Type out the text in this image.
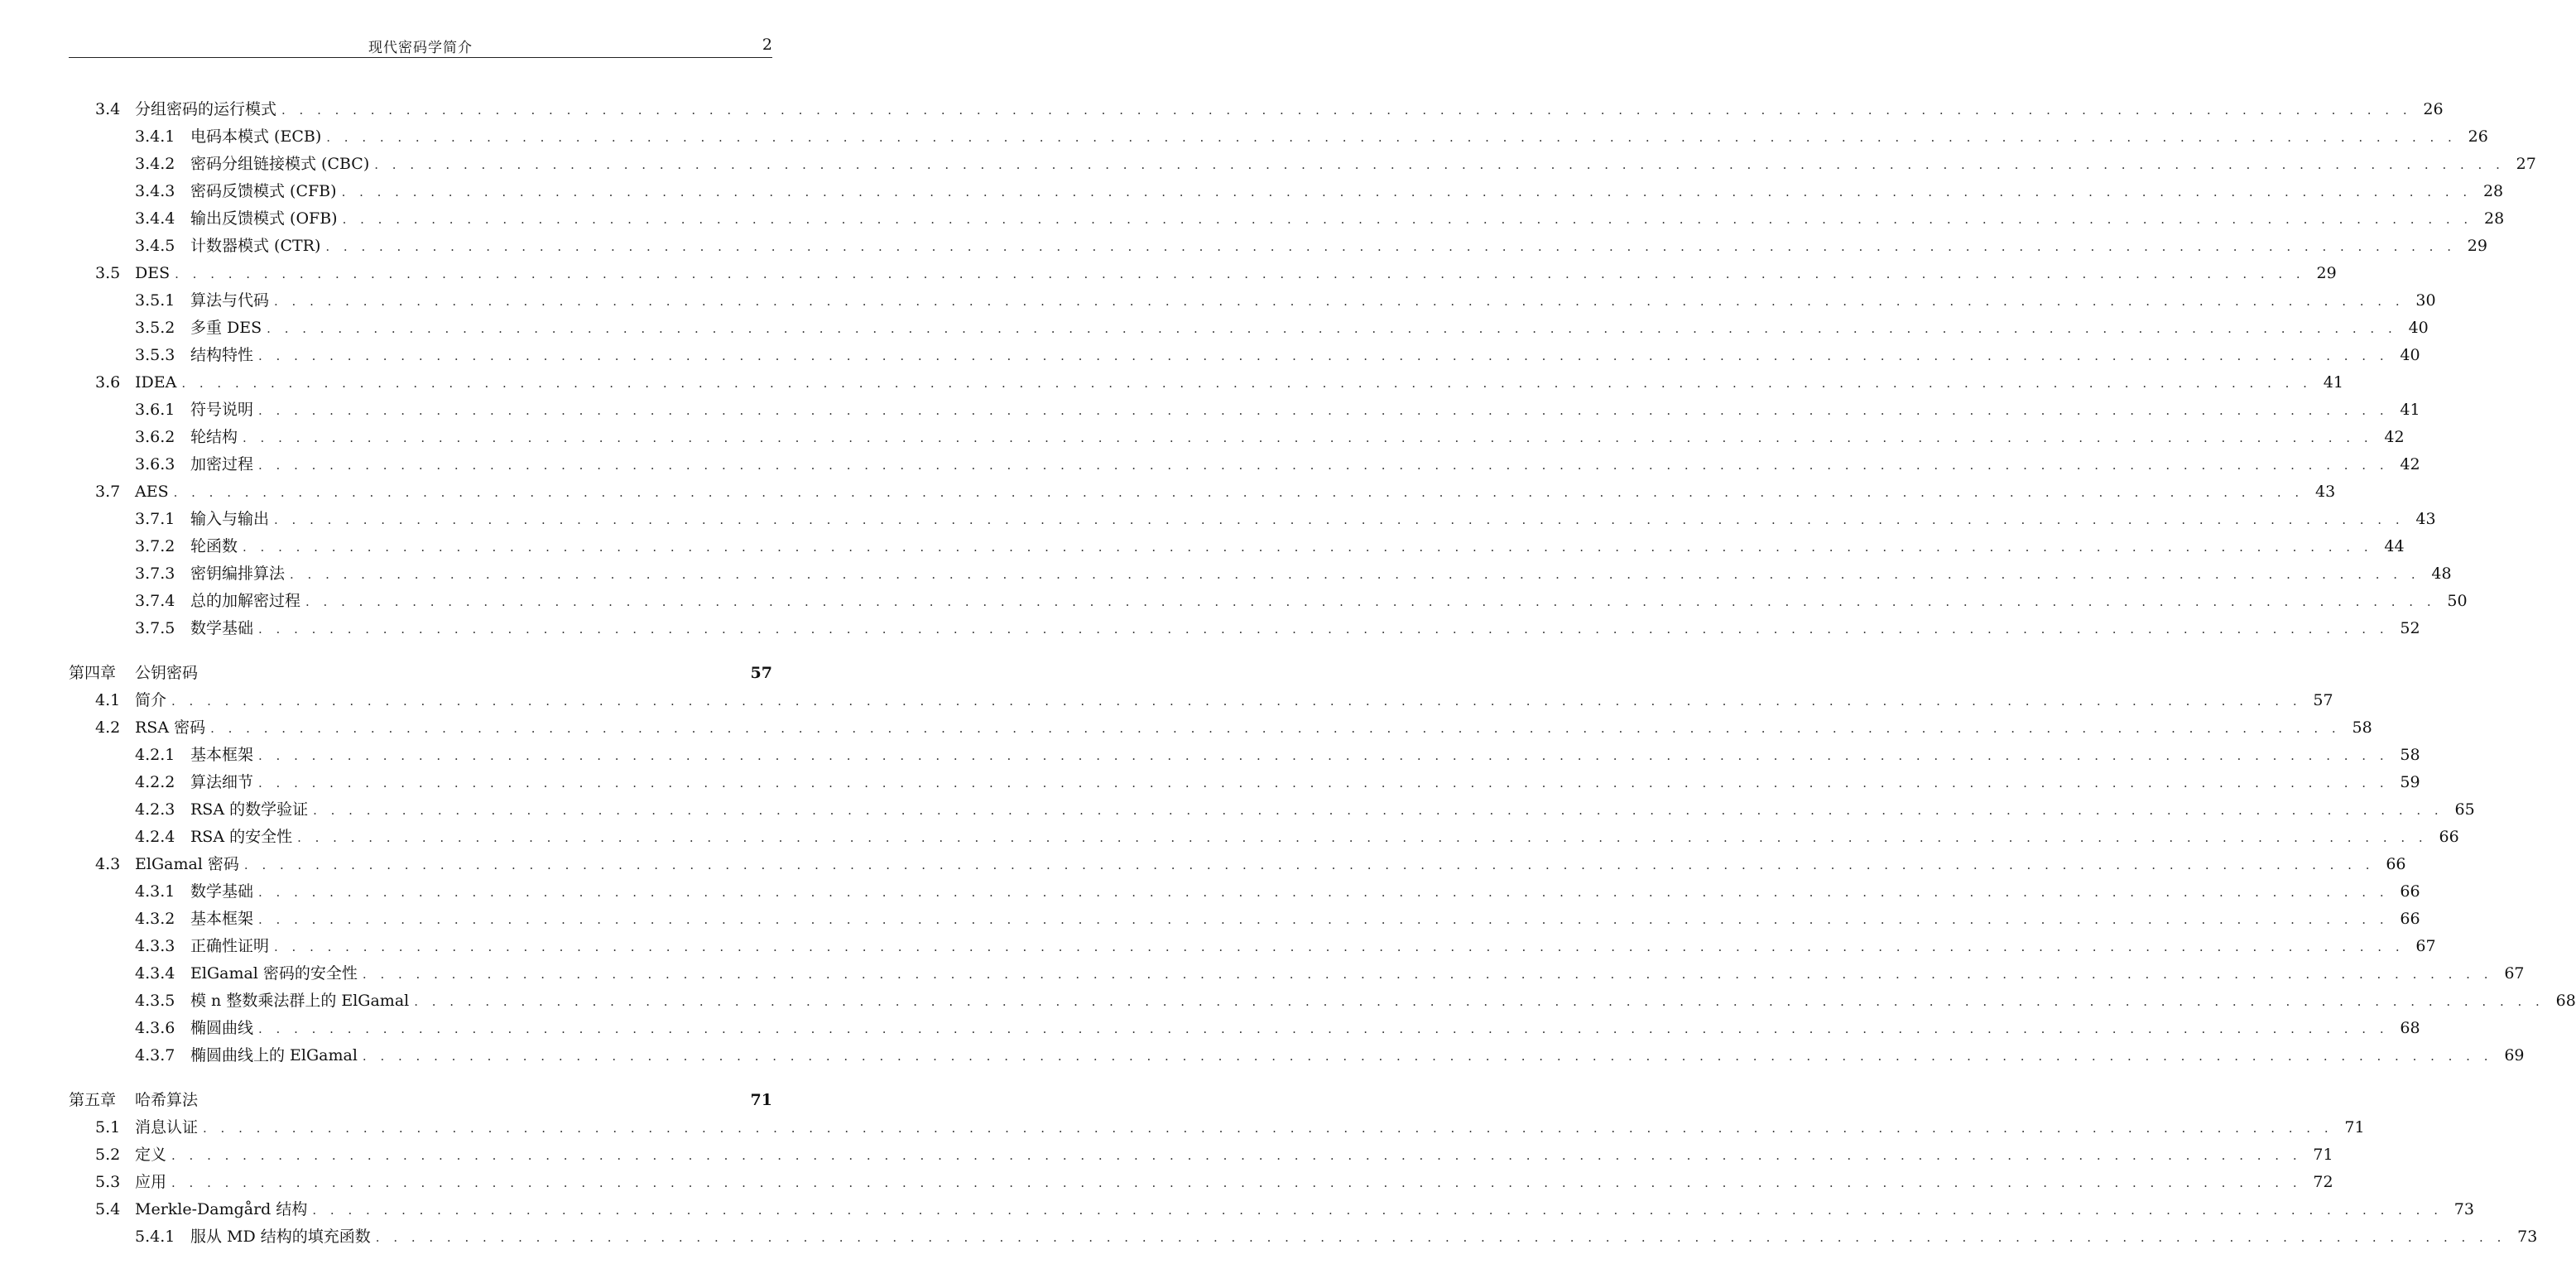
现代密码学简介	2
3.4 分组密码的运行模式 . . . . . . . . . . . . . . . . . . . . . . . . . . . . . . . . . . . . . . . . . . . . . . . . . . . . . . . . . . . . . . . . . . . . . . . . . . . . . . . . . . . . . . . . . . . . . . . . . . . . . . . . . . . . . . . . . . . . . . . . 26
3.4.1 电码本模式 (ECB) . . . . . . . . . . . . . . . . . . . . . . . . . . . . . . . . . . . . . . . . . . . . . . . . . . . . . . . . . . . . . . . . . . . . . . . . . . . . . . . . . . . . . . . . . . . . . . . . . . . . . . . . . . . . . . . . . . . . . . . . 26
3.4.2 密码分组链接模式 (CBC) . . . . . . . . . . . . . . . . . . . . . . . . . . . . . . . . . . . . . . . . . . . . . . . . . . . . . . . . . . . . . . . . . . . . . . . . . . . . . . . . . . . . . . . . . . . . . . . . . . . . . . . . . . . . . . . . . . . . . . . . 27
3.4.3 密码反馈模式 (CFB) . . . . . . . . . . . . . . . . . . . . . . . . . . . . . . . . . . . . . . . . . . . . . . . . . . . . . . . . . . . . . . . . . . . . . . . . . . . . . . . . . . . . . . . . . . . . . . . . . . . . . . . . . . . . . . . . . . . . . . . . 28
3.4.4 输出反馈模式 (OFB) . . . . . . . . . . . . . . . . . . . . . . . . . . . . . . . . . . . . . . . . . . . . . . . . . . . . . . . . . . . . . . . . . . . . . . . . . . . . . . . . . . . . . . . . . . . . . . . . . . . . . . . . . . . . . . . . . . . . . . . . 28
3.4.5 计数器模式 (CTR) . . . . . . . . . . . . . . . . . . . . . . . . . . . . . . . . . . . . . . . . . . . . . . . . . . . . . . . . . . . . . . . . . . . . . . . . . . . . . . . . . . . . . . . . . . . . . . . . . . . . . . . . . . . . . . . . . . . . . . . . 29
3.5 DES . . . . . . . . . . . . . . . . . . . . . . . . . . . . . . . . . . . . . . . . . . . . . . . . . . . . . . . . . . . . . . . . . . . . . . . . . . . . . . . . . . . . . . . . . . . . . . . . . . . . . . . . . . . . . . . . . . . . . . . . 29
3.5.1 算法与代码 . . . . . . . . . . . . . . . . . . . . . . . . . . . . . . . . . . . . . . . . . . . . . . . . . . . . . . . . . . . . . . . . . . . . . . . . . . . . . . . . . . . . . . . . . . . . . . . . . . . . . . . . . . . . . . . . . . . . . . . . 30
3.5.2 多重 DES . . . . . . . . . . . . . . . . . . . . . . . . . . . . . . . . . . . . . . . . . . . . . . . . . . . . . . . . . . . . . . . . . . . . . . . . . . . . . . . . . . . . . . . . . . . . . . . . . . . . . . . . . . . . . . . . . . . . . . . . 40
3.5.3 结构特性 . . . . . . . . . . . . . . . . . . . . . . . . . . . . . . . . . . . . . . . . . . . . . . . . . . . . . . . . . . . . . . . . . . . . . . . . . . . . . . . . . . . . . . . . . . . . . . . . . . . . . . . . . . . . . . . . . . . . . . . . 40
3.6 IDEA . . . . . . . . . . . . . . . . . . . . . . . . . . . . . . . . . . . . . . . . . . . . . . . . . . . . . . . . . . . . . . . . . . . . . . . . . . . . . . . . . . . . . . . . . . . . . . . . . . . . . . . . . . . . . . . . . . . . . . . . 41
3.6.1 符号说明 . . . . . . . . . . . . . . . . . . . . . . . . . . . . . . . . . . . . . . . . . . . . . . . . . . . . . . . . . . . . . . . . . . . . . . . . . . . . . . . . . . . . . . . . . . . . . . . . . . . . . . . . . . . . . . . . . . . . . . . . 41
3.6.2 轮结构 . . . . . . . . . . . . . . . . . . . . . . . . . . . . . . . . . . . . . . . . . . . . . . . . . . . . . . . . . . . . . . . . . . . . . . . . . . . . . . . . . . . . . . . . . . . . . . . . . . . . . . . . . . . . . . . . . . . . . . . . 42
3.6.3 加密过程 . . . . . . . . . . . . . . . . . . . . . . . . . . . . . . . . . . . . . . . . . . . . . . . . . . . . . . . . . . . . . . . . . . . . . . . . . . . . . . . . . . . . . . . . . . . . . . . . . . . . . . . . . . . . . . . . . . . . . . . . 42
3.7 AES . . . . . . . . . . . . . . . . . . . . . . . . . . . . . . . . . . . . . . . . . . . . . . . . . . . . . . . . . . . . . . . . . . . . . . . . . . . . . . . . . . . . . . . . . . . . . . . . . . . . . . . . . . . . . . . . . . . . . . . . 43
3.7.1 输入与输出 . . . . . . . . . . . . . . . . . . . . . . . . . . . . . . . . . . . . . . . . . . . . . . . . . . . . . . . . . . . . . . . . . . . . . . . . . . . . . . . . . . . . . . . . . . . . . . . . . . . . . . . . . . . . . . . . . . . . . . . . 43
3.7.2 轮函数 . . . . . . . . . . . . . . . . . . . . . . . . . . . . . . . . . . . . . . . . . . . . . . . . . . . . . . . . . . . . . . . . . . . . . . . . . . . . . . . . . . . . . . . . . . . . . . . . . . . . . . . . . . . . . . . . . . . . . . . . 44
3.7.3 密钥编排算法 . . . . . . . . . . . . . . . . . . . . . . . . . . . . . . . . . . . . . . . . . . . . . . . . . . . . . . . . . . . . . . . . . . . . . . . . . . . . . . . . . . . . . . . . . . . . . . . . . . . . . . . . . . . . . . . . . . . . . . . . 48
3.7.4 总的加解密过程 . . . . . . . . . . . . . . . . . . . . . . . . . . . . . . . . . . . . . . . . . . . . . . . . . . . . . . . . . . . . . . . . . . . . . . . . . . . . . . . . . . . . . . . . . . . . . . . . . . . . . . . . . . . . . . . . . . . . . . . . 50
3.7.5 数学基础 . . . . . . . . . . . . . . . . . . . . . . . . . . . . . . . . . . . . . . . . . . . . . . . . . . . . . . . . . . . . . . . . . . . . . . . . . . . . . . . . . . . . . . . . . . . . . . . . . . . . . . . . . . . . . . . . . . . . . . . . 52
第四章	公钥密码	57
4.1 简介 . . . . . . . . . . . . . . . . . . . . . . . . . . . . . . . . . . . . . . . . . . . . . . . . . . . . . . . . . . . . . . . . . . . . . . . . . . . . . . . . . . . . . . . . . . . . . . . . . . . . . . . . . . . . . . . . . . . . . . . . 57
4.2 RSA 密码 . . . . . . . . . . . . . . . . . . . . . . . . . . . . . . . . . . . . . . . . . . . . . . . . . . . . . . . . . . . . . . . . . . . . . . . . . . . . . . . . . . . . . . . . . . . . . . . . . . . . . . . . . . . . . . . . . . . . . . . . 58
4.2.1 基本框架 . . . . . . . . . . . . . . . . . . . . . . . . . . . . . . . . . . . . . . . . . . . . . . . . . . . . . . . . . . . . . . . . . . . . . . . . . . . . . . . . . . . . . . . . . . . . . . . . . . . . . . . . . . . . . . . . . . . . . . . . 58
4.2.2 算法细节 . . . . . . . . . . . . . . . . . . . . . . . . . . . . . . . . . . . . . . . . . . . . . . . . . . . . . . . . . . . . . . . . . . . . . . . . . . . . . . . . . . . . . . . . . . . . . . . . . . . . . . . . . . . . . . . . . . . . . . . . 59
4.2.3 RSA 的数学验证 . . . . . . . . . . . . . . . . . . . . . . . . . . . . . . . . . . . . . . . . . . . . . . . . . . . . . . . . . . . . . . . . . . . . . . . . . . . . . . . . . . . . . . . . . . . . . . . . . . . . . . . . . . . . . . . . . . . . . . . . 65
4.2.4 RSA 的安全性 . . . . . . . . . . . . . . . . . . . . . . . . . . . . . . . . . . . . . . . . . . . . . . . . . . . . . . . . . . . . . . . . . . . . . . . . . . . . . . . . . . . . . . . . . . . . . . . . . . . . . . . . . . . . . . . . . . . . . . . . 66
4.3 ElGamal 密码 . . . . . . . . . . . . . . . . . . . . . . . . . . . . . . . . . . . . . . . . . . . . . . . . . . . . . . . . . . . . . . . . . . . . . . . . . . . . . . . . . . . . . . . . . . . . . . . . . . . . . . . . . . . . . . . . . . . . . . . . 66
4.3.1 数学基础 . . . . . . . . . . . . . . . . . . . . . . . . . . . . . . . . . . . . . . . . . . . . . . . . . . . . . . . . . . . . . . . . . . . . . . . . . . . . . . . . . . . . . . . . . . . . . . . . . . . . . . . . . . . . . . . . . . . . . . . . 66
4.3.2 基本框架 . . . . . . . . . . . . . . . . . . . . . . . . . . . . . . . . . . . . . . . . . . . . . . . . . . . . . . . . . . . . . . . . . . . . . . . . . . . . . . . . . . . . . . . . . . . . . . . . . . . . . . . . . . . . . . . . . . . . . . . . 66
4.3.3 正确性证明 . . . . . . . . . . . . . . . . . . . . . . . . . . . . . . . . . . . . . . . . . . . . . . . . . . . . . . . . . . . . . . . . . . . . . . . . . . . . . . . . . . . . . . . . . . . . . . . . . . . . . . . . . . . . . . . . . . . . . . . . 67
4.3.4 ElGamal 密码的安全性 . . . . . . . . . . . . . . . . . . . . . . . . . . . . . . . . . . . . . . . . . . . . . . . . . . . . . . . . . . . . . . . . . . . . . . . . . . . . . . . . . . . . . . . . . . . . . . . . . . . . . . . . . . . . . . . . . . . . . . . . 67
4.3.5 模 n 整数乘法群上的 ElGamal . . . . . . . . . . . . . . . . . . . . . . . . . . . . . . . . . . . . . . . . . . . . . . . . . . . . . . . . . . . . . . . . . . . . . . . . . . . . . . . . . . . . . . . . . . . . . . . . . . . . . . . . . . . . . . . . . . . . . . . . 68
4.3.6 椭圆曲线 . . . . . . . . . . . . . . . . . . . . . . . . . . . . . . . . . . . . . . . . . . . . . . . . . . . . . . . . . . . . . . . . . . . . . . . . . . . . . . . . . . . . . . . . . . . . . . . . . . . . . . . . . . . . . . . . . . . . . . . . 68
4.3.7 椭圆曲线上的 ElGamal . . . . . . . . . . . . . . . . . . . . . . . . . . . . . . . . . . . . . . . . . . . . . . . . . . . . . . . . . . . . . . . . . . . . . . . . . . . . . . . . . . . . . . . . . . . . . . . . . . . . . . . . . . . . . . . . . . . . . . . . 69
第五章	哈希算法	71
5.1 消息认证 . . . . . . . . . . . . . . . . . . . . . . . . . . . . . . . . . . . . . . . . . . . . . . . . . . . . . . . . . . . . . . . . . . . . . . . . . . . . . . . . . . . . . . . . . . . . . . . . . . . . . . . . . . . . . . . . . . . . . . . . 71
5.2 定义 . . . . . . . . . . . . . . . . . . . . . . . . . . . . . . . . . . . . . . . . . . . . . . . . . . . . . . . . . . . . . . . . . . . . . . . . . . . . . . . . . . . . . . . . . . . . . . . . . . . . . . . . . . . . . . . . . . . . . . . . 71
5.3 应用 . . . . . . . . . . . . . . . . . . . . . . . . . . . . . . . . . . . . . . . . . . . . . . . . . . . . . . . . . . . . . . . . . . . . . . . . . . . . . . . . . . . . . . . . . . . . . . . . . . . . . . . . . . . . . . . . . . . . . . . . 72
5.4 Merkle-Damgård 结构 . . . . . . . . . . . . . . . . . . . . . . . . . . . . . . . . . . . . . . . . . . . . . . . . . . . . . . . . . . . . . . . . . . . . . . . . . . . . . . . . . . . . . . . . . . . . . . . . . . . . . . . . . . . . . . . . . . . . . . . . 73
5.4.1 服从 MD 结构的填充函数 . . . . . . . . . . . . . . . . . . . . . . . . . . . . . . . . . . . . . . . . . . . . . . . . . . . . . . . . . . . . . . . . . . . . . . . . . . . . . . . . . . . . . . . . . . . . . . . . . . . . . . . . . . . . . . . . . . . . . . . . 73
